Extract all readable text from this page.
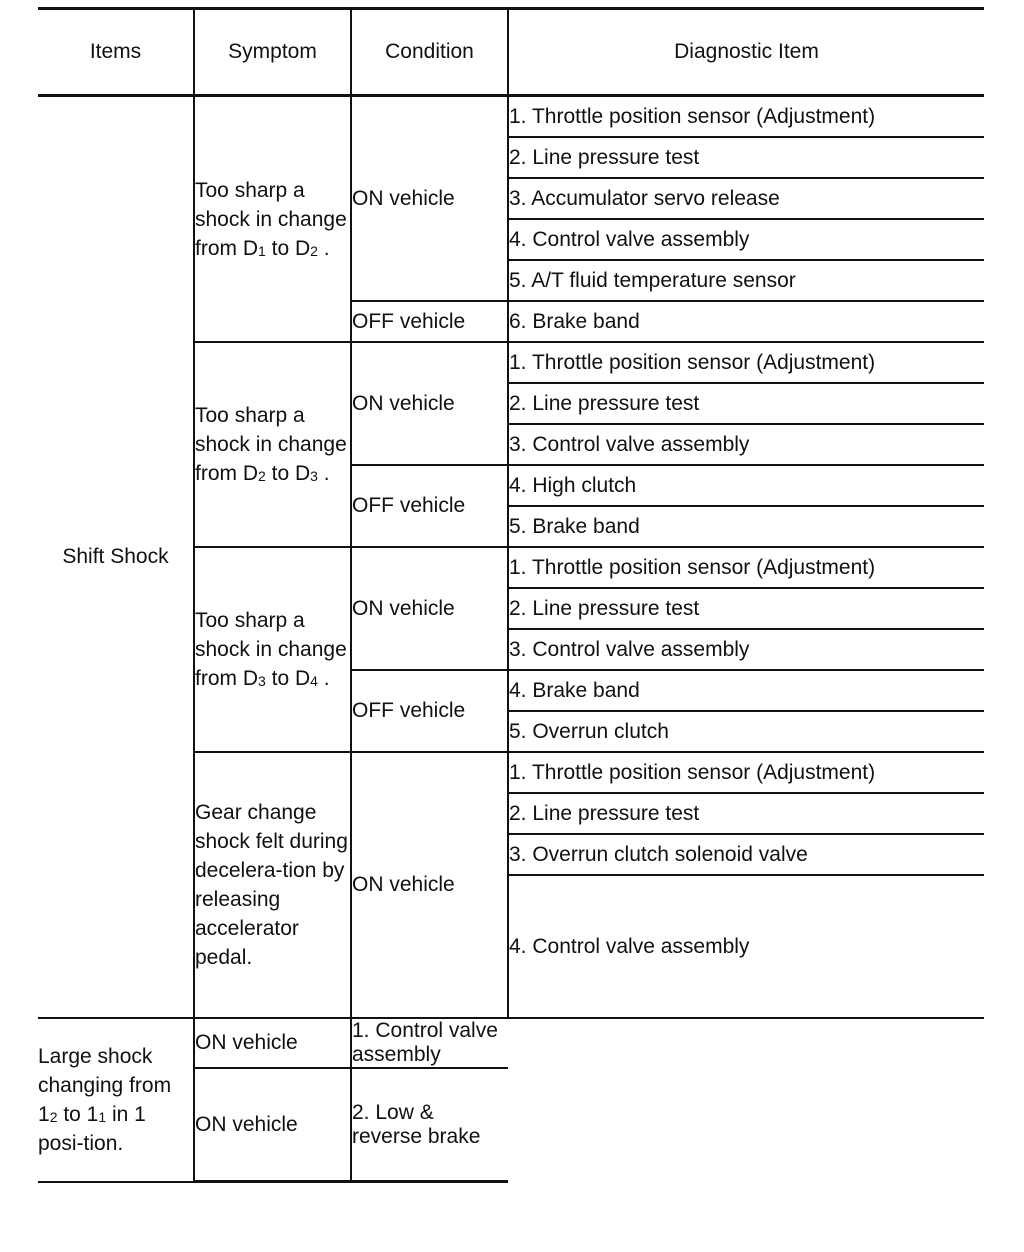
Items	Symptom	Condition	Diagnostic Item
Shift Shock	Too sharp a shock in change from $D_1$ to $D_2$ .	ON vehicle	1. Throttle position sensor (Adjustment)
			2. Line pressure test
			3. Accumulator servo release
			4. Control valve assembly
			5. A/T fluid temperature sensor
		OFF vehicle	6. Brake band
	Too sharp a shock in change from $D_2$ to $D_3$ .	ON vehicle	1. Throttle position sensor (Adjustment)
			2. Line pressure test
			3. Control valve assembly
		OFF vehicle	4. High clutch
			5. Brake band
	Too sharp a shock in change from $D_3$ to $D_4$ .	ON vehicle	1. Throttle position sensor (Adjustment)
			2. Line pressure test
			3. Control valve assembly
		OFF vehicle	4. Brake band
			5. Overrun clutch
	Gear change shock felt during decelera-tion by releasing accelerator pedal.	ON vehicle	1. Throttle position sensor (Adjustment)
			2. Line pressure test
			3. Overrun clutch solenoid valve
			4. Control valve assembly
Large shock changing from $1_2$ to $1_1$ in 1 posi-tion.	ON vehicle	1. Control valve assembly	
	ON vehicle	2. Low & reverse brake	
